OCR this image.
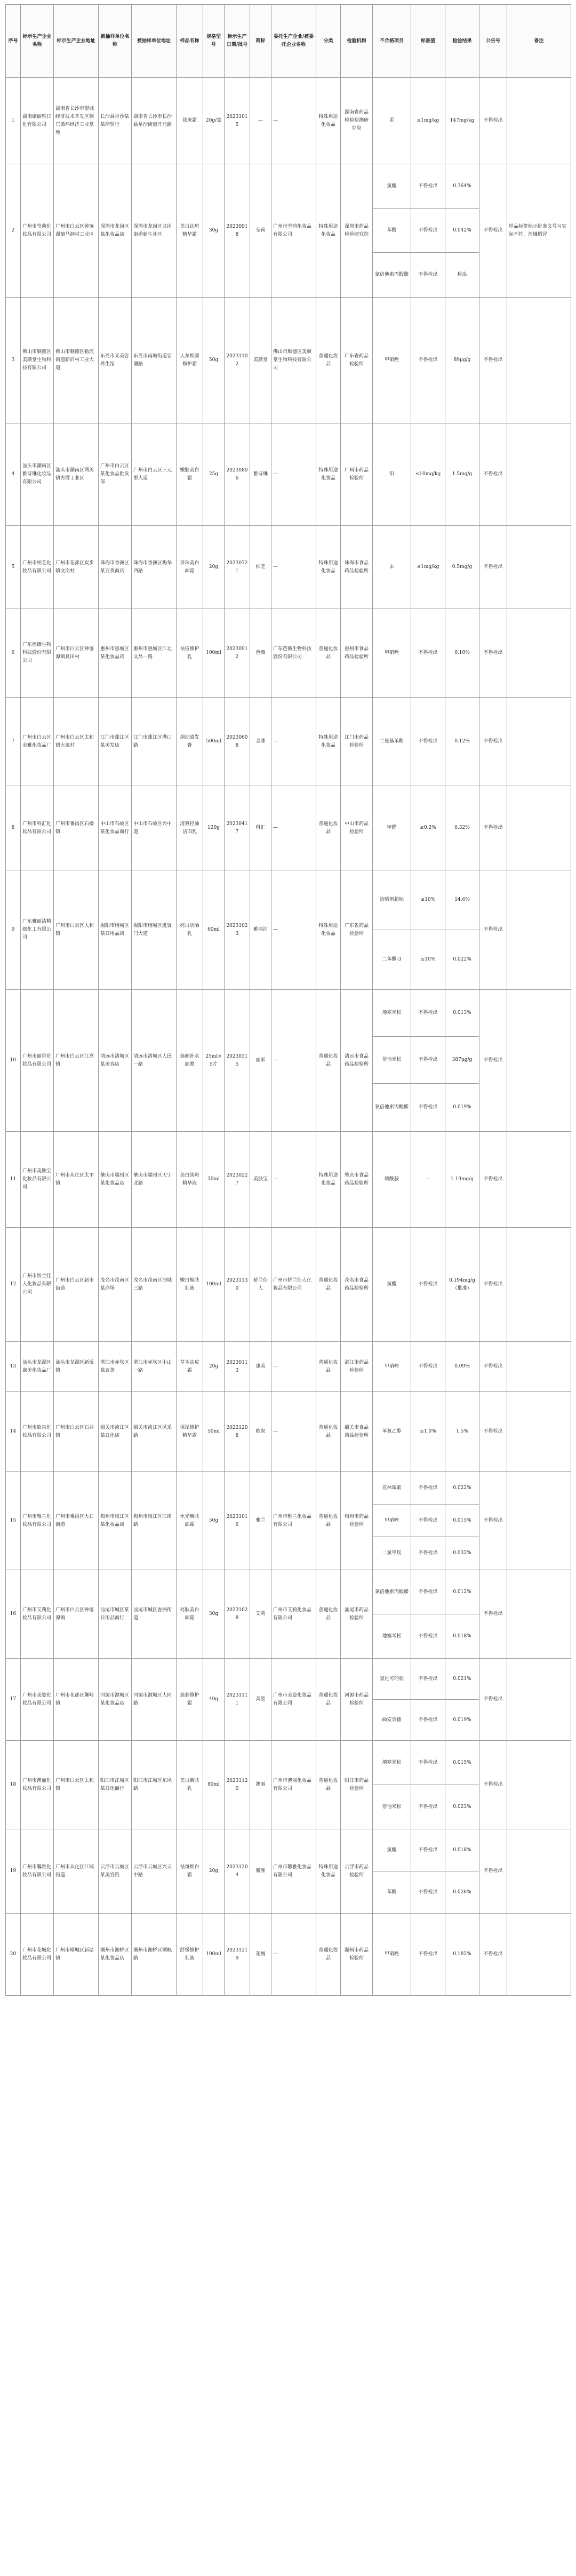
序号	标示生产企业名称	标示生产企业地址	被抽样单位名称	被抽样单位地址	样品名称	规格型号	标示生产日期/批号	商标	委托生产企业/被委托企业名称	分类	检验机构	不合格项目	标准值	检验结果	公告号	备注
1	湖南康丽雅日化有限公司	湖南省长沙市望城经济技术开发区铜官循环经济工业基地	长沙县星沙某某商贸行	湖南省长沙市长沙县星沙街道开元路	祛斑霜	20g/盒	20231015	—	—	特殊用途化妆品	湖南省药品检验检测研究院	汞	≤1mg/kg	147mg/kg	不得检出	
2	广州市莹荷化妆品有限公司	广州市白云区钟落潭镇马洞村工业区	深圳市龙岗区某化妆品店	深圳市龙岗区龙岗街道新生社区	美白祛斑精华霜	30g	20230918	莹荷	广州市莹荷化妆品有限公司	特殊用途化妆品	深圳市药品检验研究院	氢醌	不得检出	0.364%	不得检出	样品标签标示批准文号与实际不符，涉嫌假冒
												苯酚	不得检出	0.042%		
												氯倍他索丙酸酯	不得检出	检出		
3	佛山市顺德区美颜堂生物科技有限公司	佛山市顺德区勒流街道新启村工业大道	东莞市某美容养生馆	东莞市南城街道宏图路	人参焕颜修护霜	50g	20231102	美颜堂	佛山市顺德区美颜堂生物科技有限公司	普通化妆品	广东省药品检验所	甲硝唑	不得检出	89μg/g	不得检出	
4	汕头市潮南区雅诗琳化妆品有限公司	汕头市潮南区两英镇古厝工业区	广州市白云区某化妆品批发部	广州市白云区三元里大道	嫩肤美白霜	25g	20230806	雅诗琳	—	特殊用途化妆品	广州市药品检验所	铅	≤10mg/kg	1.5mg/g	不得检出	
5	广州市柏芝化妆品有限公司	广州市花都区炭步镇文岗村	珠海市香洲区某百货商店	珠海市香洲区梅华西路	珍珠美白面霜	20g	20230721	柏芝	—	特殊用途化妆品	珠海市食品药品检验所	汞	≤1mg/kg	0.5mg/g	不得检出	
6	广东芭薇生物科技股份有限公司	广州市白云区钟落潭镇良田村	惠州市惠城区某化妆品店	惠州市惠城区江北文昌一路	祛痘修护乳	100ml	20230912	芭薇	广东芭薇生物科技股份有限公司	普通化妆品	惠州市食品药品检验所	甲硝唑	不得检出	0.10%	不得检出	
7	广州市白云区金雅化妆品厂	广州市白云区太和镇大源村	江门市蓬江区某美发店	江门市蓬江区港口路	焗油染发膏	500ml	20230608	金雅	—	特殊用途化妆品	江门市药品检验所	二氨基苯酚	不得检出	0.12%	不得检出	
8	广州市科汇化妆品有限公司	广州市番禺区石楼镇	中山市石岐区某化妆品商行	中山市石岐区兴中道	清爽控油洁面乳	120g	20230417	科汇	—	普通化妆品	中山市药品检验所	甲醛	≤0.2%	0.32%	不得检出	
9	广东雅丽洁精细化工有限公司	广州市白云区人和镇	揭阳市榕城区某日用品店	揭阳市榕城区进贤门大道	亮白防晒乳	60ml	20231023	雅丽洁	—	特殊用途化妆品	广东省药品检验所	防晒剂超标	≤10%	14.6%	不得检出	
												二苯酮-3	≤10%	0.022%		
10	广州市丽彩化妆品有限公司	广州市白云区江高镇	清远市清城区某美容店	清远市清城区人民一路	焕颜补水面膜	25ml×5片	20230315	丽彩	—	普通化妆品	清远市食品药品检验所	地塞米松	不得检出	0.013%	不得检出	
												倍他米松	不得检出	387μg/g		
												氯倍他索丙酸酯	不得检出	0.019%		
11	广州市美肤宝化妆品有限公司	广州市从化区太平镇	肇庆市端州区某化妆品店	肇庆市端州区天宁北路	美白淡斑精华液	30ml	20230227	美肤宝	—	特殊用途化妆品	肇庆市食品药品检验所	烟酰胺	—	1.19mg/g	不得检出	
12	广州市娇兰佳人化妆品有限公司	广州市白云区新市街道	茂名市茂南区某商场	茂名市茂南区油城三路	嫩白焕肤乳液	100ml	20231130	娇兰佳人	广州市娇兰佳人化妆品有限公司	普通化妆品	茂名市食品药品检验所	氢醌	不得检出	0.194mg/g（批准）	不得检出	
13	汕头市龙湖区康美化妆品厂	汕头市龙湖区新溪镇	湛江市赤坎区某百货	湛江市赤坎区中山一路	草本祛痘霜	20g	20230113	康美	—	普通化妆品	湛江市药品检验所	甲硝唑	不得检出	0.09%	不得检出	
14	广州市欧泉化妆品有限公司	广州市白云区石井镇	韶关市浈江区某日化店	韶关市浈江区风采路	保湿修护精华露	50ml	20221208	欧泉	—	普通化妆品	韶关市食品药品检验所	苯氧乙醇	≤1.0%	1.5%	不得检出	
15	广州市雅兰化妆品有限公司	广州市番禺区大石街道	梅州市梅江区某化妆品店	梅州市梅江区江南路	水光焕肤面霜	50g	20231016	雅兰	广州市雅兰化妆品有限公司	普通化妆品	梅州市药品检验所	克林霉素	不得检出	0.022%	不得检出	
												甲硝唑	不得检出	0.015%		
												二氯甲烷	不得检出	0.032%		
16	广州市艾莉化妆品有限公司	广州市白云区钟落潭镇	汕尾市城区某日用品商行	汕尾市城区香洲街道	亮肤美白面霜	30g	20231028	艾莉	广州市艾莉化妆品有限公司	普通化妆品	汕尾市药品检验所	氯倍他索丙酸酯	不得检出	0.012%	不得检出	
												地塞米松	不得检出	0.018%		
17	广州市美姿化妆品有限公司	广州市花都区狮岭镇	河源市源城区某化妆品店	河源市源城区大同路	焕彩修护霜	40g	20231111	美姿	广州市美姿化妆品有限公司	普通化妆品	河源市药品检验所	氢化可的松	不得检出	0.021%	不得检出	
												曲安奈德	不得检出	0.019%		
18	广州市澳丽化妆品有限公司	广州市白云区太和镇	阳江市江城区某日化商行	阳江市江城区东风路	美白嫩肤乳	80ml	20231120	澳丽	广州市澳丽化妆品有限公司	普通化妆品	阳江市药品检验所	地塞米松	不得检出	0.015%	不得检出	
												倍他米松	不得检出	0.023%		
19	广州市馨雅化妆品有限公司	广州市从化区江埔街道	云浮市云城区某美容院	云浮市云城区兴云中路	祛斑焕白霜	20g	20231204	馨雅	广州市馨雅化妆品有限公司	特殊用途化妆品	云浮市药品检验所	氢醌	不得检出	0.018%	不得检出	
												苯酚	不得检出	0.026%		
20	广州市花城化妆品有限公司	广州市增城区新塘镇	潮州市湘桥区某化妆品店	潮州市湘桥区潮枫路	舒缓修护乳液	100ml	20231219	花城	—	普通化妆品	潮州市药品检验所	甲硝唑	不得检出	0.182%	不得检出	
